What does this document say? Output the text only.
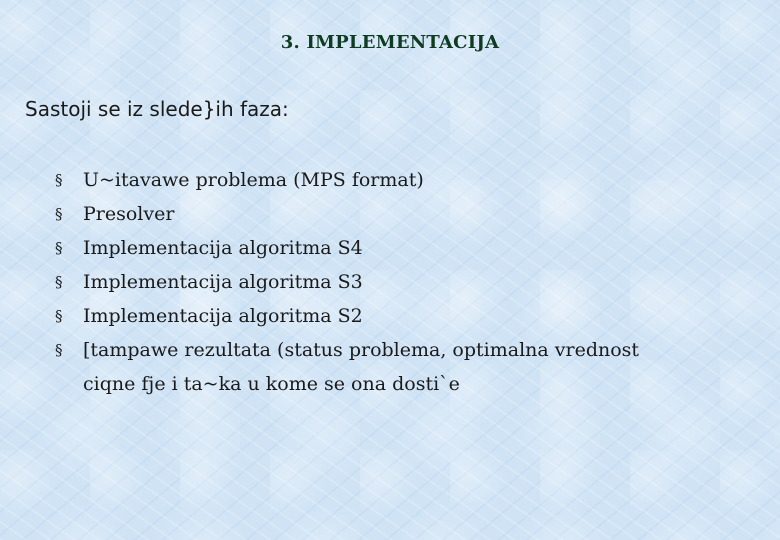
3. IMPLEMENTACIJA
Sastoji se iz slede}ih faza:
§	U~itavawe problema (MPS format)
§	Presolver
§	Implementacija algoritma S4
§	Implementacija algoritma S3
§	Implementacija algoritma S2
§	[tampawe rezultata (status problema, optimalna vrednost
ciqne fje i ta~ka u kome se ona dosti`e
